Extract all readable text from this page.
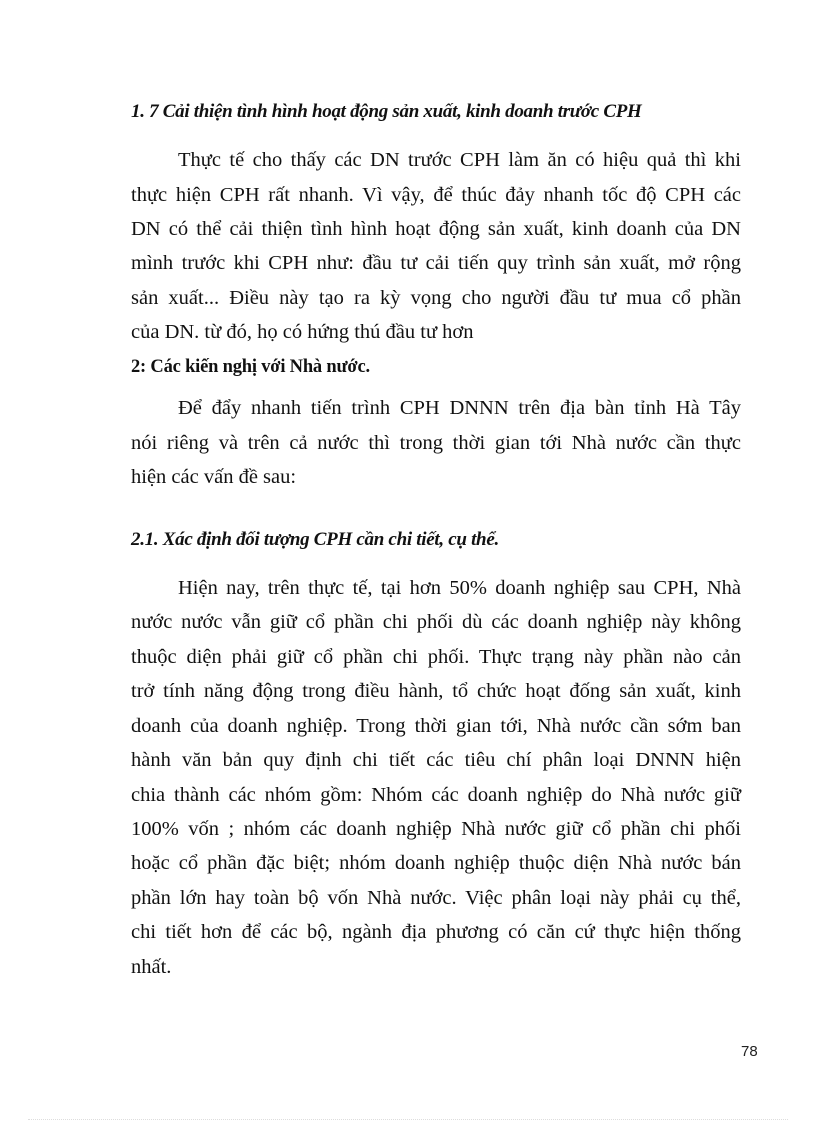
1. 7 Cải thiện tình hình hoạt động sản xuất, kinh doanh trước CPH
Thực tế cho thấy các DN trước CPH làm ăn có hiệu quả thì khi
thực hiện CPH rất nhanh. Vì vậy, để thúc đảy nhanh tốc độ CPH các
DN có thể cải thiện tình hình hoạt động sản xuất, kinh doanh của DN
mình trước khi CPH như: đầu tư cải tiến quy trình sản xuất, mở rộng
sản xuất... Điều này tạo ra kỳ vọng cho người đầu tư mua cổ phần
của DN. từ đó, họ có hứng thú đầu tư hơn
2: Các kiến nghị với Nhà nước.
Để đẩy nhanh tiến trình CPH DNNN trên địa bàn tỉnh Hà Tây
nói riêng và trên cả nước thì trong thời gian tới Nhà nước cần thực
hiện các vấn đề sau:
2.1. Xác định đối tượng CPH cần chi tiết, cụ thể.
Hiện nay, trên thực tế, tại hơn 50% doanh nghiệp sau CPH, Nhà
nước nước vẫn giữ cổ phần chi phối dù các doanh nghiệp này không
thuộc diện phải giữ cổ phần chi phối. Thực trạng này phần nào cản
trở tính năng động trong điều hành, tổ chức hoạt đống sản xuất, kinh
doanh của doanh nghiệp. Trong thời gian tới, Nhà nước cần sớm ban
hành văn bản quy định chi tiết các tiêu chí phân loại DNNN hiện
chia thành các nhóm gồm: Nhóm các doanh nghiệp do Nhà nước giữ
100% vốn ; nhóm các doanh nghiệp Nhà nước giữ cổ phần chi phối
hoặc cổ phần đặc biệt; nhóm doanh nghiệp thuộc diện Nhà nước bán
phần lớn hay toàn bộ vốn Nhà nước. Việc phân loại này phải cụ thể,
chi tiết hơn để các bộ, ngành địa phương có căn cứ thực hiện thống
nhất.
78
